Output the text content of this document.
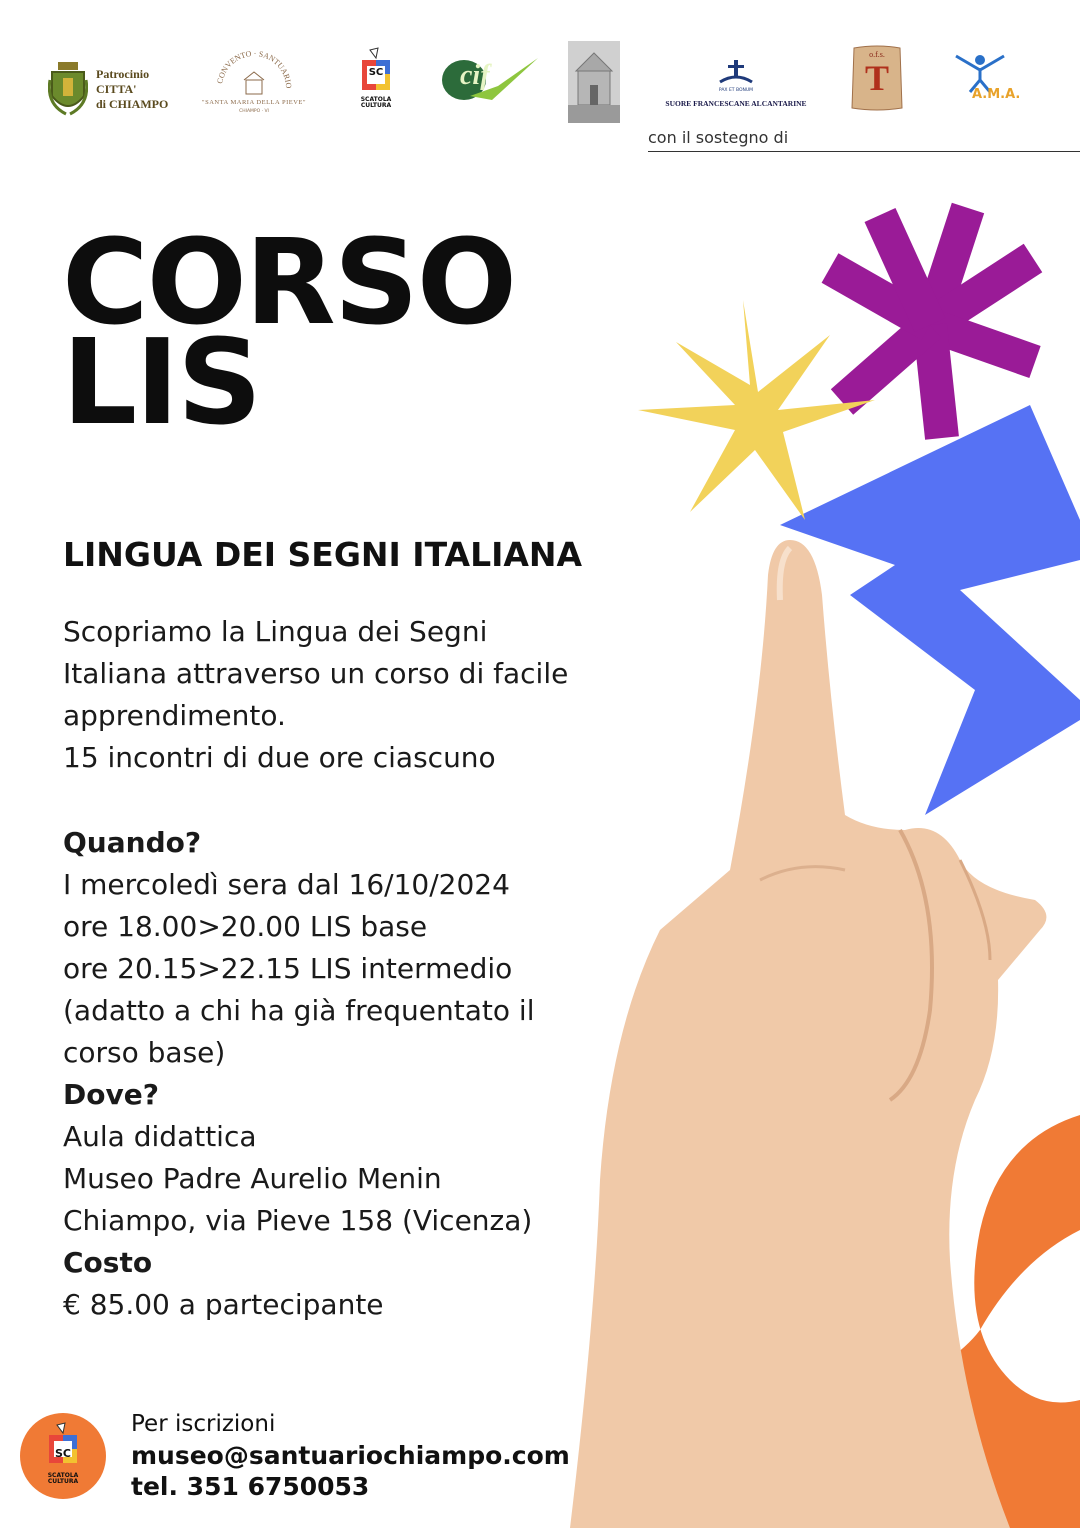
Patrocinio
CITTA'
di CHIAMPO
CONVENTO · SANTUARIO
"SANTA MARIA DELLA PIEVE"
CHIAMPO · VI
SC
SCATOLA
CULTURA
cif	PAX ET BONUM
SUORE FRANCESCANE ALCANTARINE
o.f.s.
T	A.M.A.
con il sostegno di
CORSO
LIS
LINGUA DEI SEGNI ITALIANA
Scopriamo la Lingua dei Segni
Italiana attraverso un corso di facile
apprendimento.
15 incontri di due ore ciascuno
Quando?
I mercoledì sera dal 16/10/2024
ore 18.00>20.00 LIS base
ore 20.15>22.15 LIS intermedio
(adatto a chi ha già frequentato il
corso base)
Dove?
Aula didattica
Museo Padre Aurelio Menin
Chiampo, via Pieve 158 (Vicenza)
Costo
€ 85.00 a partecipante
SC
SCATOLA
CULTURA
Per iscrizioni
museo@santuariochiampo.com
tel. 351 6750053
